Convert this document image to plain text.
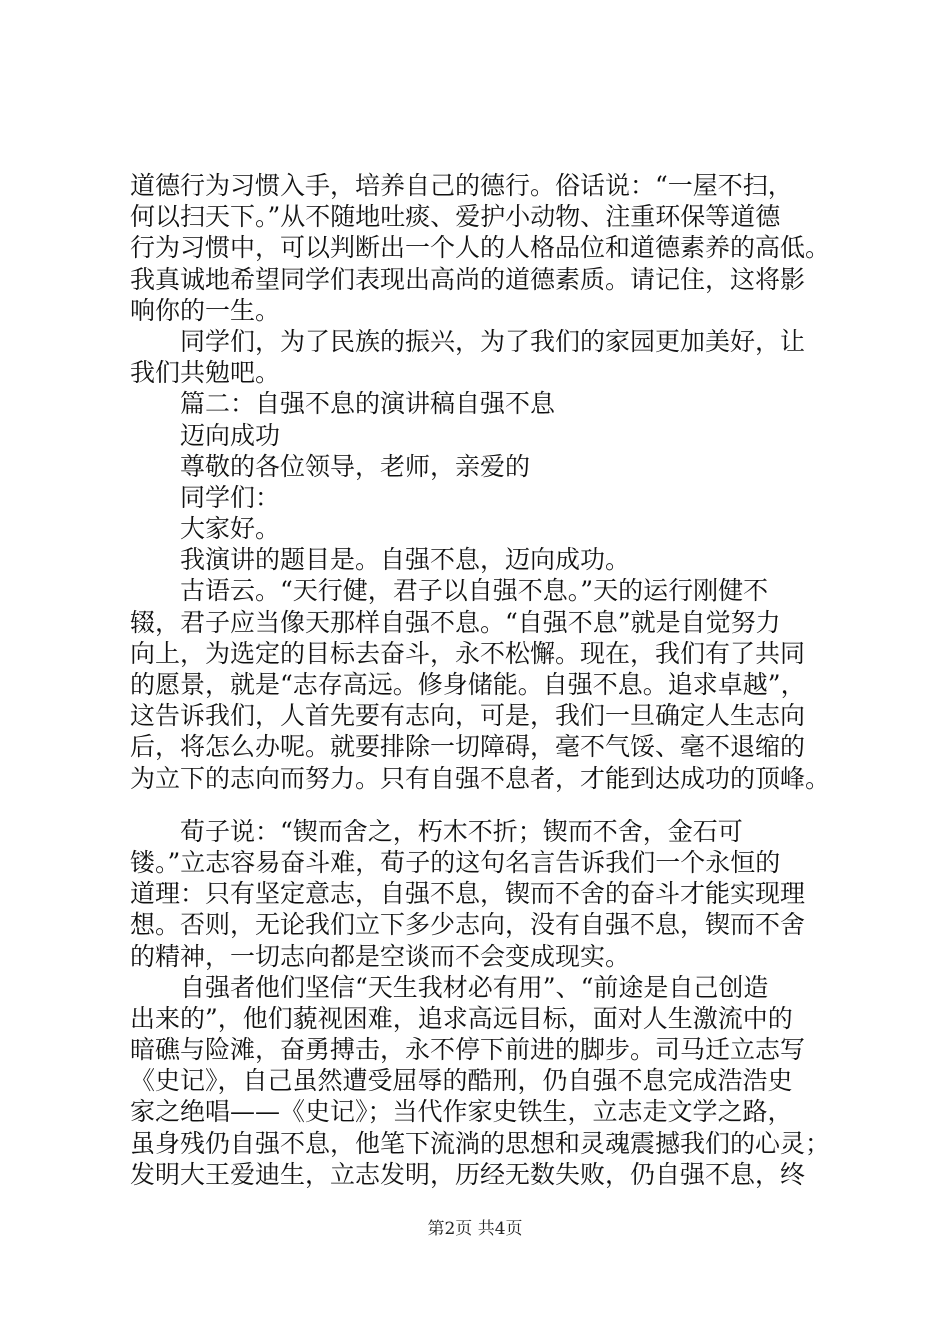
道德行为习惯入手，培养自己的德行。俗话说：“一屋不扫，
何以扫天下。”从不随地吐痰、爱护小动物、注重环保等道德
行为习惯中，可以判断出一个人的人格品位和道德素养的高低。
我真诚地希望同学们表现出高尚的道德素质。请记住，这将影
响你的一生。
　　同学们，为了民族的振兴，为了我们的家园更加美好，让
我们共勉吧。
　　篇二：自强不息的演讲稿自强不息
　　迈向成功
　　尊敬的各位领导，老师，亲爱的
　　同学们：
　　大家好。
　　我演讲的题目是。自强不息，迈向成功。
　　古语云。“天行健，君子以自强不息。”天的运行刚健不
辍，君子应当像天那样自强不息。“自强不息”就是自觉努力
向上，为选定的目标去奋斗，永不松懈。现在，我们有了共同
的愿景，就是“志存高远。修身储能。自强不息。追求卓越”，
这告诉我们，人首先要有志向，可是，我们一旦确定人生志向
后，将怎么办呢。就要排除一切障碍，毫不气馁、毫不退缩的
为立下的志向而努力。只有自强不息者，才能到达成功的顶峰。
　　荀子说：“锲而舍之，朽木不折；锲而不舍，金石可
镂。”立志容易奋斗难，荀子的这句名言告诉我们一个永恒的
道理：只有坚定意志，自强不息，锲而不舍的奋斗才能实现理
想。否则，无论我们立下多少志向，没有自强不息，锲而不舍
的精神，一切志向都是空谈而不会变成现实。
　　自强者他们坚信“天生我材必有用”、“前途是自己创造
出来的”，他们藐视困难，追求高远目标，面对人生激流中的
暗礁与险滩，奋勇搏击，永不停下前进的脚步。司马迁立志写
《史记》，自己虽然遭受屈辱的酷刑，仍自强不息完成浩浩史
家之绝唱——《史记》；当代作家史铁生，立志走文学之路，
虽身残仍自强不息，他笔下流淌的思想和灵魂震撼我们的心灵；
发明大王爱迪生，立志发明，历经无数失败，仍自强不息，终
第2页 共4页
